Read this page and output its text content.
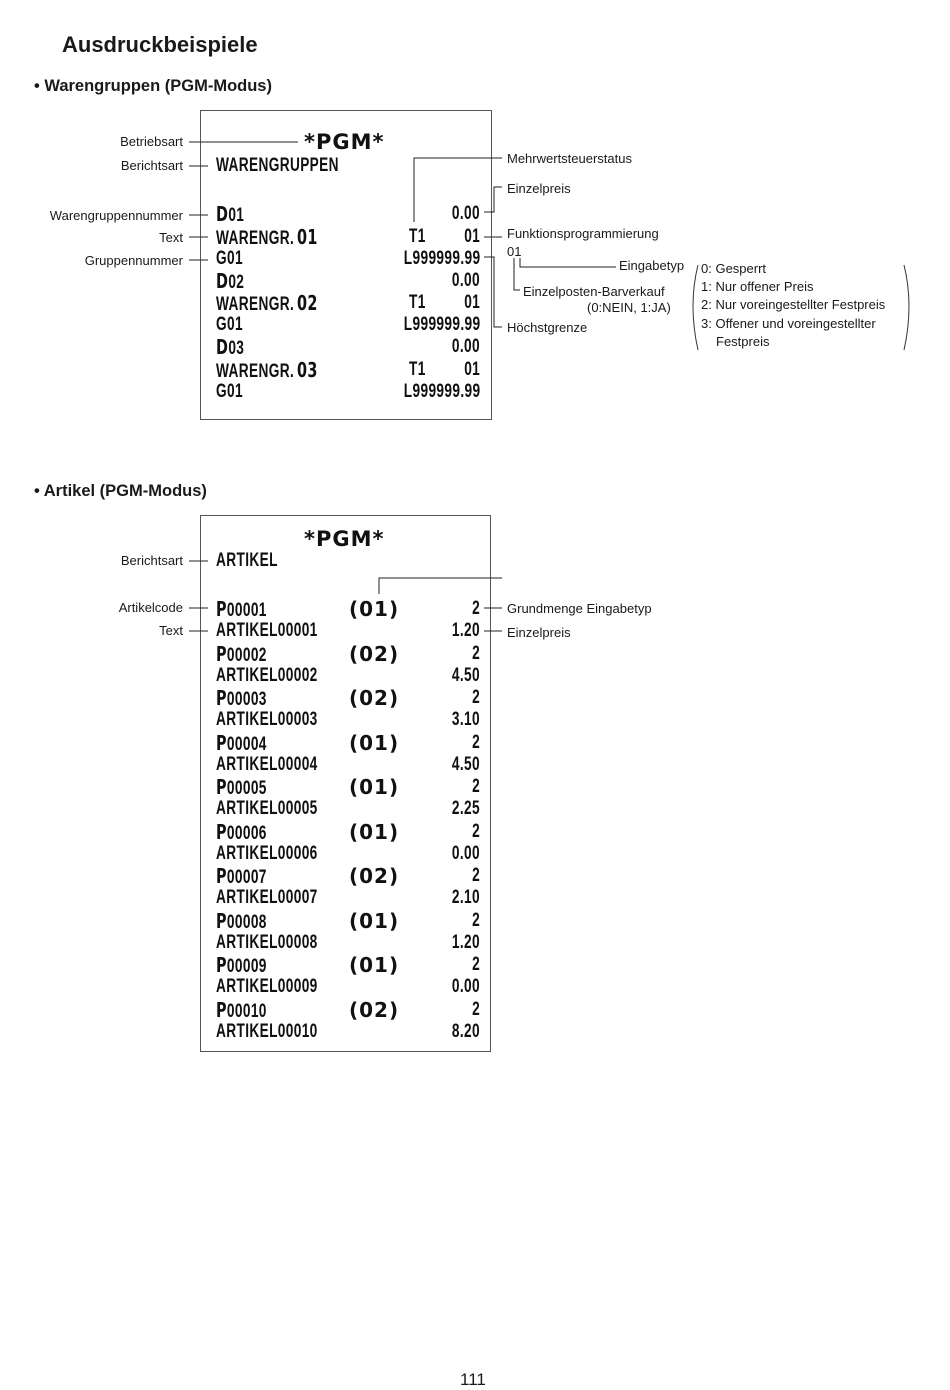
Ausdruckbeispiele
• Warengruppen (PGM-Modus)
• Artikel (PGM-Modus)
Betriebsart
Berichtsart
Warengruppennummer
Text
Gruppennummer
Mehrwertsteuerstatus
Einzelpreis
Funktionsprogrammierung
01
Eingabetyp
Einzelposten-Barverkauf
(0:NEIN, 1:JA)
Höchstgrenze
0: Gesperrt
1: Nur offener Preis
2: Nur voreingestellter Festpreis
3: Offener und voreingestellter
Festpreis
*PGM*
WARENGRUPPEN
D01	0.00
WARENGR. 01	T1 01
G01	L999999.99
D02	0.00
WARENGR. 02	T1 01
G01	L999999.99
D03	0.00
WARENGR. 03	T1 01
G01	L999999.99
Berichtsart
Artikelcode
Text
Grundmenge Eingabetyp
Einzelpreis
*PGM*
ARTIKEL
P00001	(01)	2
ARTIKEL00001	1.20
P00002	(02)	2
ARTIKEL00002	4.50
P00003	(02)	2
ARTIKEL00003	3.10
P00004	(01)	2
ARTIKEL00004	4.50
P00005	(01)	2
ARTIKEL00005	2.25
P00006	(01)	2
ARTIKEL00006	0.00
P00007	(02)	2
ARTIKEL00007	2.10
P00008	(01)	2
ARTIKEL00008	1.20
P00009	(01)	2
ARTIKEL00009	0.00
P00010	(02)	2
ARTIKEL00010	8.20
111
